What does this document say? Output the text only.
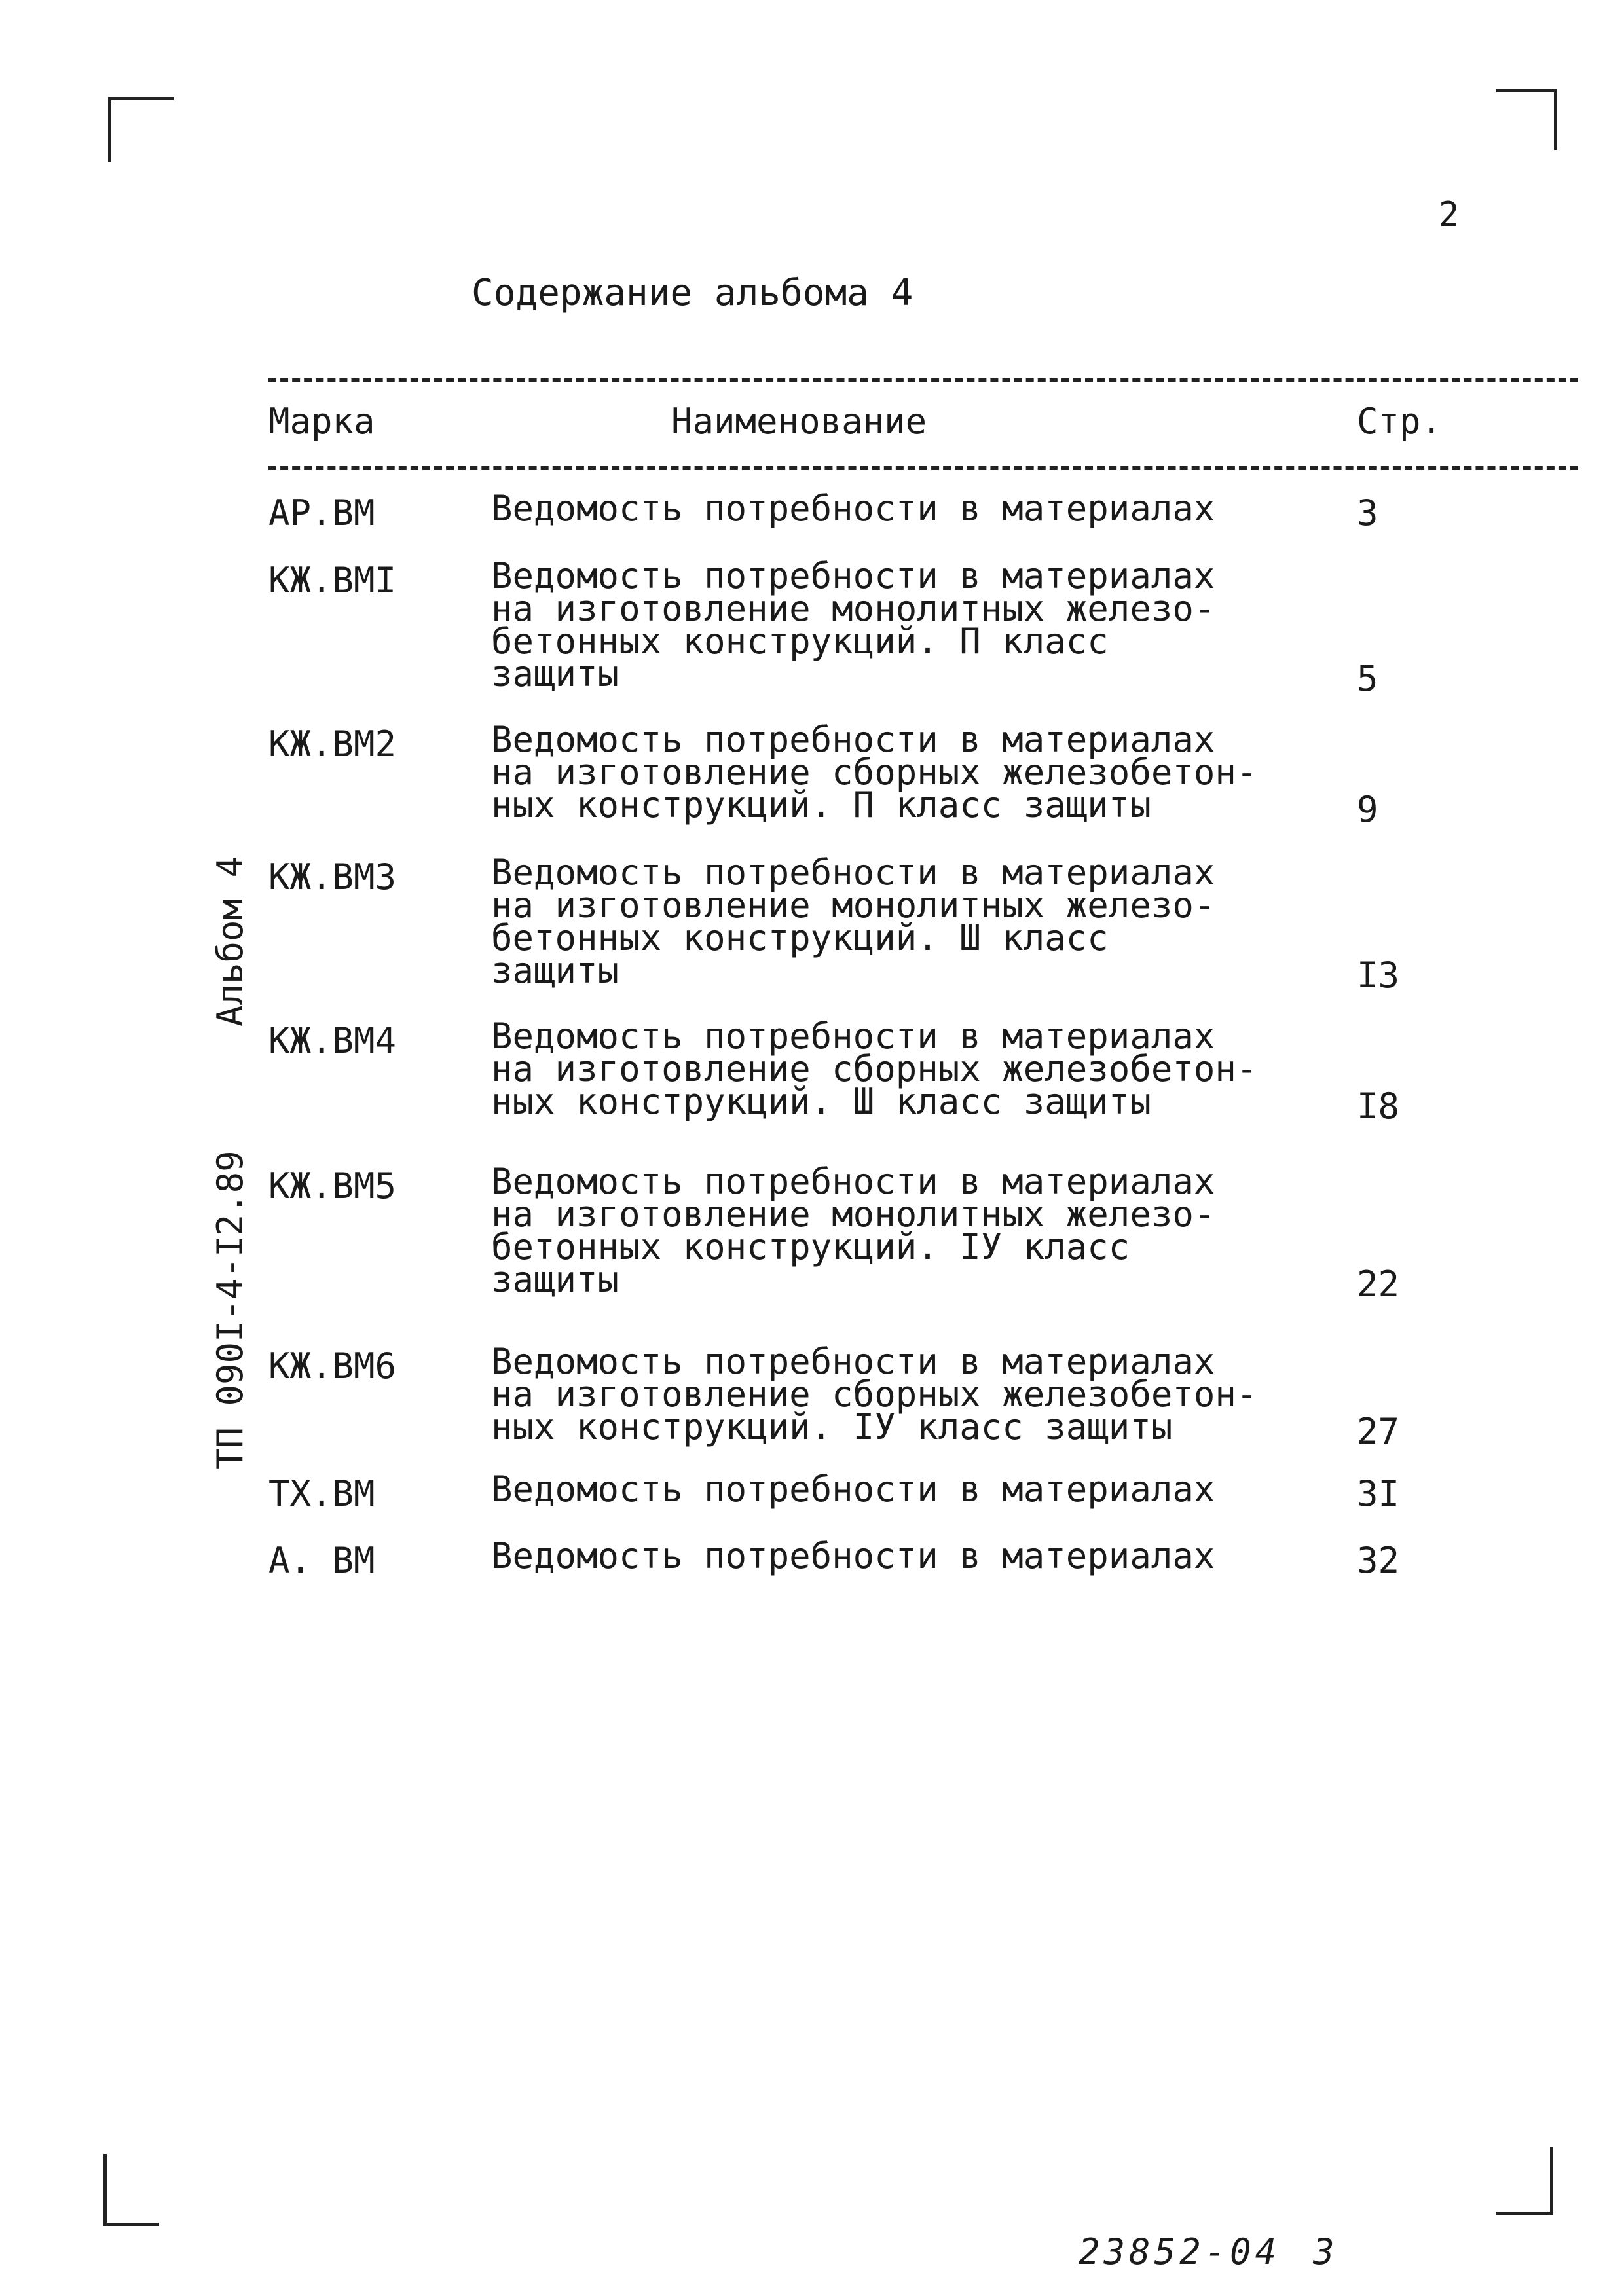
2
Содержание альбома 4
Марка	Наименование	Стр.
АР.ВМ	Ведомость потребности в материалах	3
КЖ.ВМI	Ведомость потребности в материалах
на изготовление монолитных железо-
бетонных конструкций. П класс
защиты	5
КЖ.ВМ2	Ведомость потребности в материалах
на изготовление сборных железобетон-
ных конструкций. П класс защиты	9
КЖ.ВМ3	Ведомость потребности в материалах
на изготовление монолитных железо-
бетонных конструкций. Ш класс
защиты	I3
КЖ.ВМ4	Ведомость потребности в материалах
на изготовление сборных железобетон-
ных конструкций. Ш класс защиты	I8
КЖ.ВМ5	Ведомость потребности в материалах
на изготовление монолитных железо-
бетонных конструкций. IУ класс
защиты	22
КЖ.ВМ6	Ведомость потребности в материалах
на изготовление сборных железобетон-
ных конструкций. IУ класс защиты	27
ТХ.ВМ	Ведомость потребности в материалах	3I
А. ВМ	Ведомость потребности в материалах	32
Альбом 4
ТП 090I-4-I2.89

23852-04 3
